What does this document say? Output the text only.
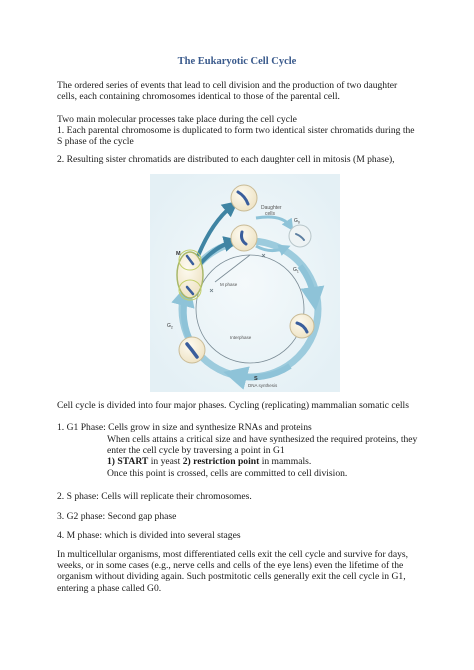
The Eukaryotic Cell Cycle
The ordered series of events that lead to cell division and the production of two daughter
cells, each containing chromosomes identical to those of the parental cell.
Two main molecular processes take place during the cell cycle
1. Each parental chromosome is duplicated to form two identical sister chromatids during the
S phase of the cycle
2. Resulting sister chromatids are distributed to each daughter cell in mitosis (M phase),
Daughter cells
$G_0$
$G_1$
M
M phase
$G_2$
Interphase
S
DNA synthesis
Cell cycle is divided into four major phases. Cycling (replicating) mammalian somatic cells
1. G1 Phase: Cells grow in size and synthesize RNAs and proteins
When cells attains a critical size and have synthesized the required proteins, they
enter the cell cycle by traversing a point in G1
1) START in yeast 2) restriction point in mammals.
Once this point is crossed, cells are committed to cell division.
2. S phase: Cells will replicate their chromosomes.
3. G2 phase: Second gap phase
4. M phase: which is divided into several stages
In multicellular organisms, most differentiated cells exit the cell cycle and survive for days,
weeks, or in some cases (e.g., nerve cells and cells of the eye lens) even the lifetime of the
organism without dividing again. Such postmitotic cells generally exit the cell cycle in G1,
entering a phase called G0.
